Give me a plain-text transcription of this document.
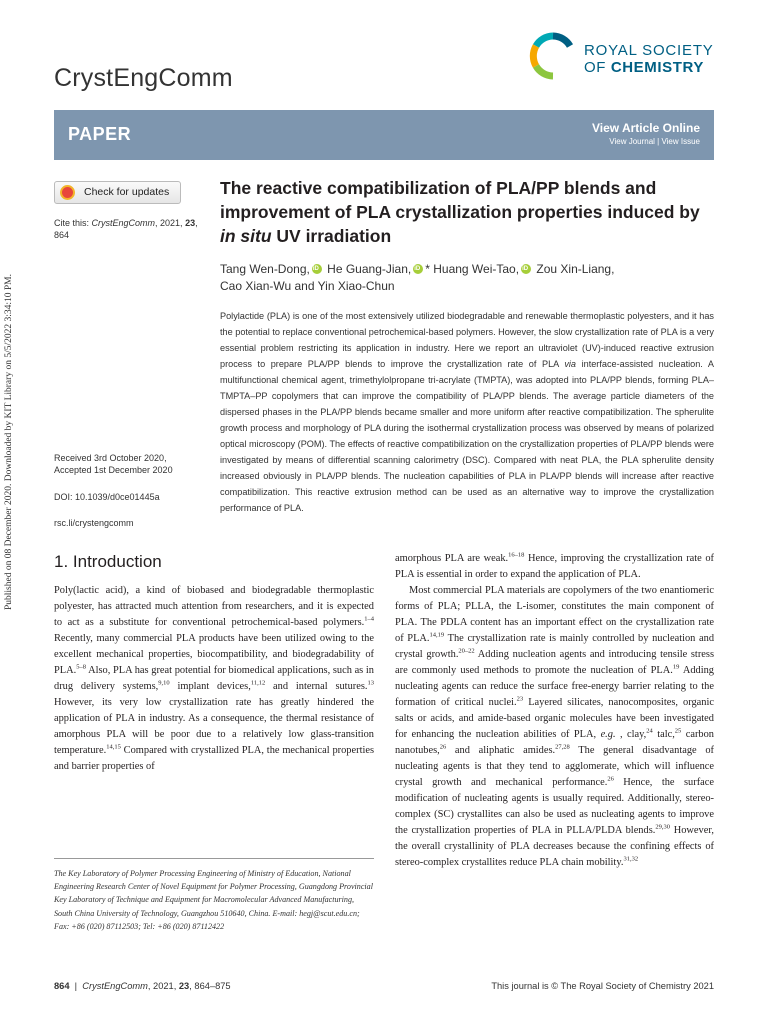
Published on 08 December 2020. Downloaded by KIT Library on 5/5/2022 3:34:10 PM.
CrystEngComm
ROYAL SOCIETY
OF CHEMISTRY
PAPER	View Article Online
View Journal | View Issue
Check for updates
Cite this: CrystEngComm, 2021, 23, 864
Received 3rd October 2020,
Accepted 1st December 2020
DOI: 10.1039/d0ce01445a
rsc.li/crystengcomm
The reactive compatibilization of PLA/PP blends and improvement of PLA crystallization properties induced by in situ UV irradiation
Tang Wen-Dong,iD He Guang-Jian,iD * Huang Wei-Tao,iD Zou Xin-Liang,
Cao Xian-Wu and Yin Xiao-Chun
Polylactide (PLA) is one of the most extensively utilized biodegradable and renewable thermoplastic polyesters, and it has the potential to replace conventional petrochemical-based polymers. However, the slow crystallization rate of PLA is a very essential problem restricting its application in industry. Here we report an ultraviolet (UV)-induced reactive extrusion process to prepare PLA/PP blends to improve the crystallization rate of PLA via interface-assisted nucleation. A multifunctional chemical agent, trimethylolpropane tri-acrylate (TMPTA), was adopted into PLA/PP blends, forming PLA–TMPTA–PP copolymers that can improve the compatibility of PLA/PP blends. The average particle diameters of the dispersed phases in the PLA/PP blends became smaller and more uniform after reactive compatibilization. The spherulite growth process and morphology of PLA during the isothermal crystallization process was observed by means of polarized optical microscopy (POM). The effects of reactive compatibilization on the crystallization properties of PLA/PP blends were investigated by means of differential scanning calorimetry (DSC). Compared with neat PLA, the PLA spherulite density increased obviously in PLA/PP blends. The nucleation capabilities of PLA in PLA/PP blends will increase after reactive compatibilization. This reactive extrusion method can be used as an alternative way to improve the crystallization performance of PLA.
1. Introduction

Poly(lactic acid), a kind of biobased and biodegradable thermoplastic polyester, has attracted much attention from researchers, and it is expected to act as a substitute for conventional petrochemical-based polymers.$^{1-4}$ Recently, many commercial PLA products have been utilized owing to the excellent mechanical properties, biocompatibility, and biodegradability of PLA.$^{5-8}$ Also, PLA has great potential for biomedical applications, such as in drug delivery systems,$^{9,10}$ implant devices,$^{11,12}$ and internal sutures.$^{13}$ However, its very low crystallization rate has greatly hindered the application of PLA in industry. As a consequence, the thermal resistance of amorphous PLA will be poor due to a relatively low glass-transition temperature.$^{14,15}$ Compared with crystallized PLA, the mechanical properties and barrier properties of

amorphous PLA are weak.$^{16-18}$ Hence, improving the crystallization rate of PLA is essential in order to expand the application of PLA.

Most commercial PLA materials are copolymers of the two enantiomeric forms of PLA; PLLA, the L-isomer, constitutes the main component of PLA. The PDLA content has an important effect on the crystallization rate of PLA.$^{14,19}$ The crystallization rate is mainly controlled by nucleation and crystal growth.$^{20-22}$ Adding nucleation agents and introducing tensile stress are commonly used methods to promote the nucleation of PLA.$^{19}$ Adding nucleating agents can reduce the surface free-energy barrier relating to the formation of critical nuclei.$^{23}$ Layered silicates, nanocomposites, organic salts or acids, and amide-based organic molecules have been investigated for enhancing the nucleation abilities of PLA, e.g. , clay,$^{24}$ talc,$^{25}$ carbon nanotubes,$^{26}$ and aliphatic amides.$^{27,28}$ The general disadvantage of nucleating agents is that they tend to agglomerate, which will influence crystal growth and mechanical performance.$^{26}$ Hence, the surface modification of nucleating agents is usually required. Additionally, stereo-complex (SC) crystallites can also be used as nucleating agents to improve the crystallization properties of PLA in PLLA/PLDA blends.$^{29,30}$ However, the overall crystallinity of PLA decreases because the confining effects of stereo-complex crystallites reduce PLA chain mobility.$^{31,32}$

The Key Laboratory of Polymer Processing Engineering of Ministry of Education, National Engineering Research Center of Novel Equipment for Polymer Processing, Guangdong Provincial Key Laboratory of Technique and Equipment for Macromolecular Advanced Manufacturing, South China University of Technology, Guangzhou 510640, China. E-mail: hegj@scut.edu.cn; Fax: +86 (020) 87112503; Tel: +86 (020) 87112422
864  |  CrystEngComm, 2021, 23, 864–875	This journal is © The Royal Society of Chemistry 2021
